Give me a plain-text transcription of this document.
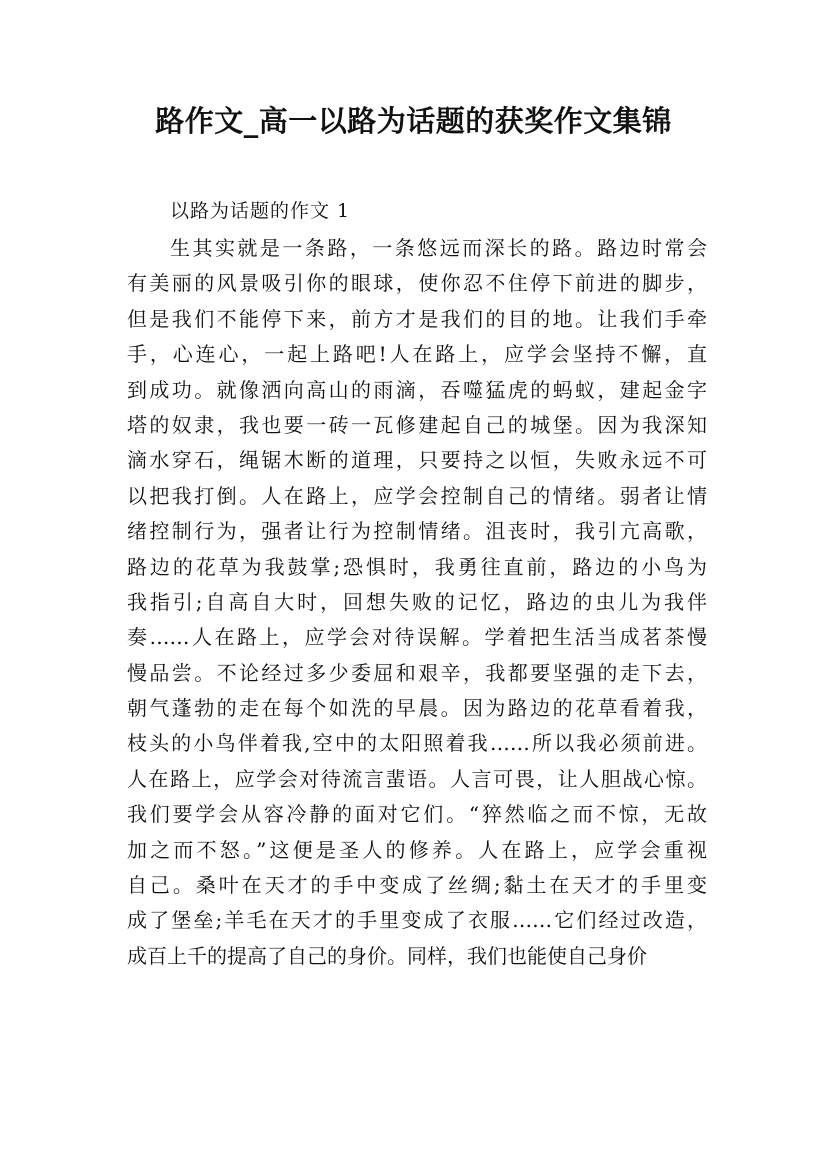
路作文_高一以路为话题的获奖作文集锦
以路为话题的作文 1
生其实就是一条路，一条悠远而深长的路。路边时常会
有美丽的风景吸引你的眼球，使你忍不住停下前进的脚步，
但是我们不能停下来，前方才是我们的目的地。让我们手牵
手，心连心，一起上路吧!人在路上，应学会坚持不懈，直
到成功。就像洒向高山的雨滴，吞噬猛虎的蚂蚁，建起金字
塔的奴隶，我也要一砖一瓦修建起自己的城堡。因为我深知
滴水穿石，绳锯木断的道理，只要持之以恒，失败永远不可
以把我打倒。人在路上，应学会控制自己的情绪。弱者让情
绪控制行为，强者让行为控制情绪。沮丧时，我引亢高歌，
路边的花草为我鼓掌;恐惧时，我勇往直前，路边的小鸟为
我指引;自高自大时，回想失败的记忆，路边的虫儿为我伴
奏……人在路上，应学会对待误解。学着把生活当成茗茶慢
慢品尝。不论经过多少委屈和艰辛，我都要坚强的走下去，
朝气蓬勃的走在每个如洗的早晨。因为路边的花草看着我，
枝头的小鸟伴着我,空中的太阳照着我……所以我必须前进。
人在路上，应学会对待流言蜚语。人言可畏，让人胆战心惊。
我们要学会从容冷静的面对它们。“猝然临之而不惊，无故
加之而不怒。”这便是圣人的修养。人在路上，应学会重视
自己。桑叶在天才的手中变成了丝绸;黏土在天才的手里变
成了堡垒;羊毛在天才的手里变成了衣服……它们经过改造，
成百上千的提高了自己的身价。同样，我们也能使自己身价
